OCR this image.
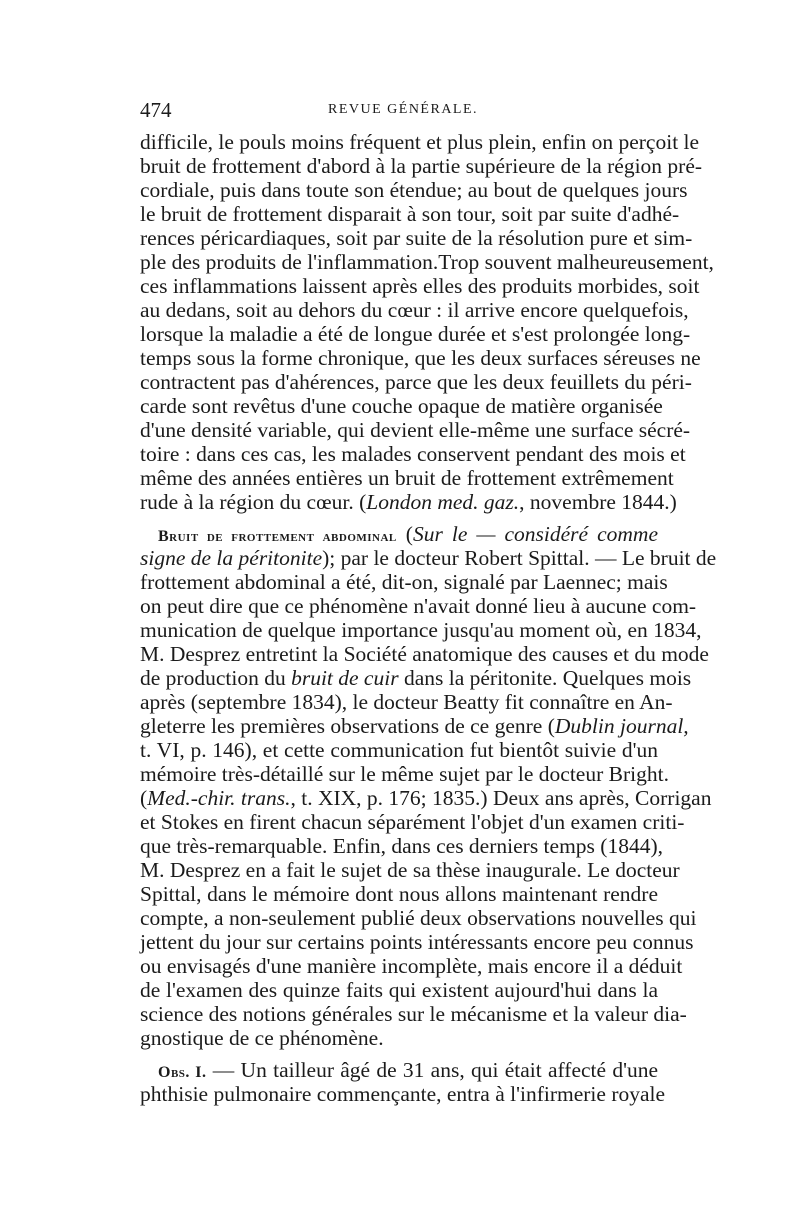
474	REVUE GÉNÉRALE.
difficile, le pouls moins fréquent et plus plein, enfin on perçoit le
bruit de frottement d'abord à la partie supérieure de la région pré-
cordiale, puis dans toute son étendue; au bout de quelques jours
le bruit de frottement disparait à son tour, soit par suite d'adhé-
rences péricardiaques, soit par suite de la résolution pure et sim-
ple des produits de l'inflammation.Trop souvent malheureusement,
ces inflammations laissent après elles des produits morbides, soit
au dedans, soit au dehors du cœur : il arrive encore quelquefois,
lorsque la maladie a été de longue durée et s'est prolongée long-
temps sous la forme chronique, que les deux surfaces séreuses ne
contractent pas d'ahérences, parce que les deux feuillets du péri-
carde sont revêtus d'une couche opaque de matière organisée
d'une densité variable, qui devient elle-même une surface sécré-
toire : dans ces cas, les malades conservent pendant des mois et
même des années entières un bruit de frottement extrêmement
rude à la région du cœur. (London med. gaz., novembre 1844.)
Bruit de frottement abdominal (Sur le — considéré comme
signe de la péritonite); par le docteur Robert Spittal. — Le bruit de
frottement abdominal a été, dit-on, signalé par Laennec; mais
on peut dire que ce phénomène n'avait donné lieu à aucune com-
munication de quelque importance jusqu'au moment où, en 1834,
M. Desprez entretint la Société anatomique des causes et du mode
de production du bruit de cuir dans la péritonite. Quelques mois
après (septembre 1834), le docteur Beatty fit connaître en An-
gleterre les premières observations de ce genre (Dublin journal,
t. VI, p. 146), et cette communication fut bientôt suivie d'un
mémoire très-détaillé sur le même sujet par le docteur Bright.
(Med.-chir. trans., t. XIX, p. 176; 1835.) Deux ans après, Corrigan
et Stokes en firent chacun séparément l'objet d'un examen criti-
que très-remarquable. Enfin, dans ces derniers temps (1844),
M. Desprez en a fait le sujet de sa thèse inaugurale. Le docteur
Spittal, dans le mémoire dont nous allons maintenant rendre
compte, a non-seulement publié deux observations nouvelles qui
jettent du jour sur certains points intéressants encore peu connus
ou envisagés d'une manière incomplète, mais encore il a déduit
de l'examen des quinze faits qui existent aujourd'hui dans la
science des notions générales sur le mécanisme et la valeur dia-
gnostique de ce phénomène.
Obs. I. — Un tailleur âgé de 31 ans, qui était affecté d'une
phthisie pulmonaire commençante, entra à l'infirmerie royale
